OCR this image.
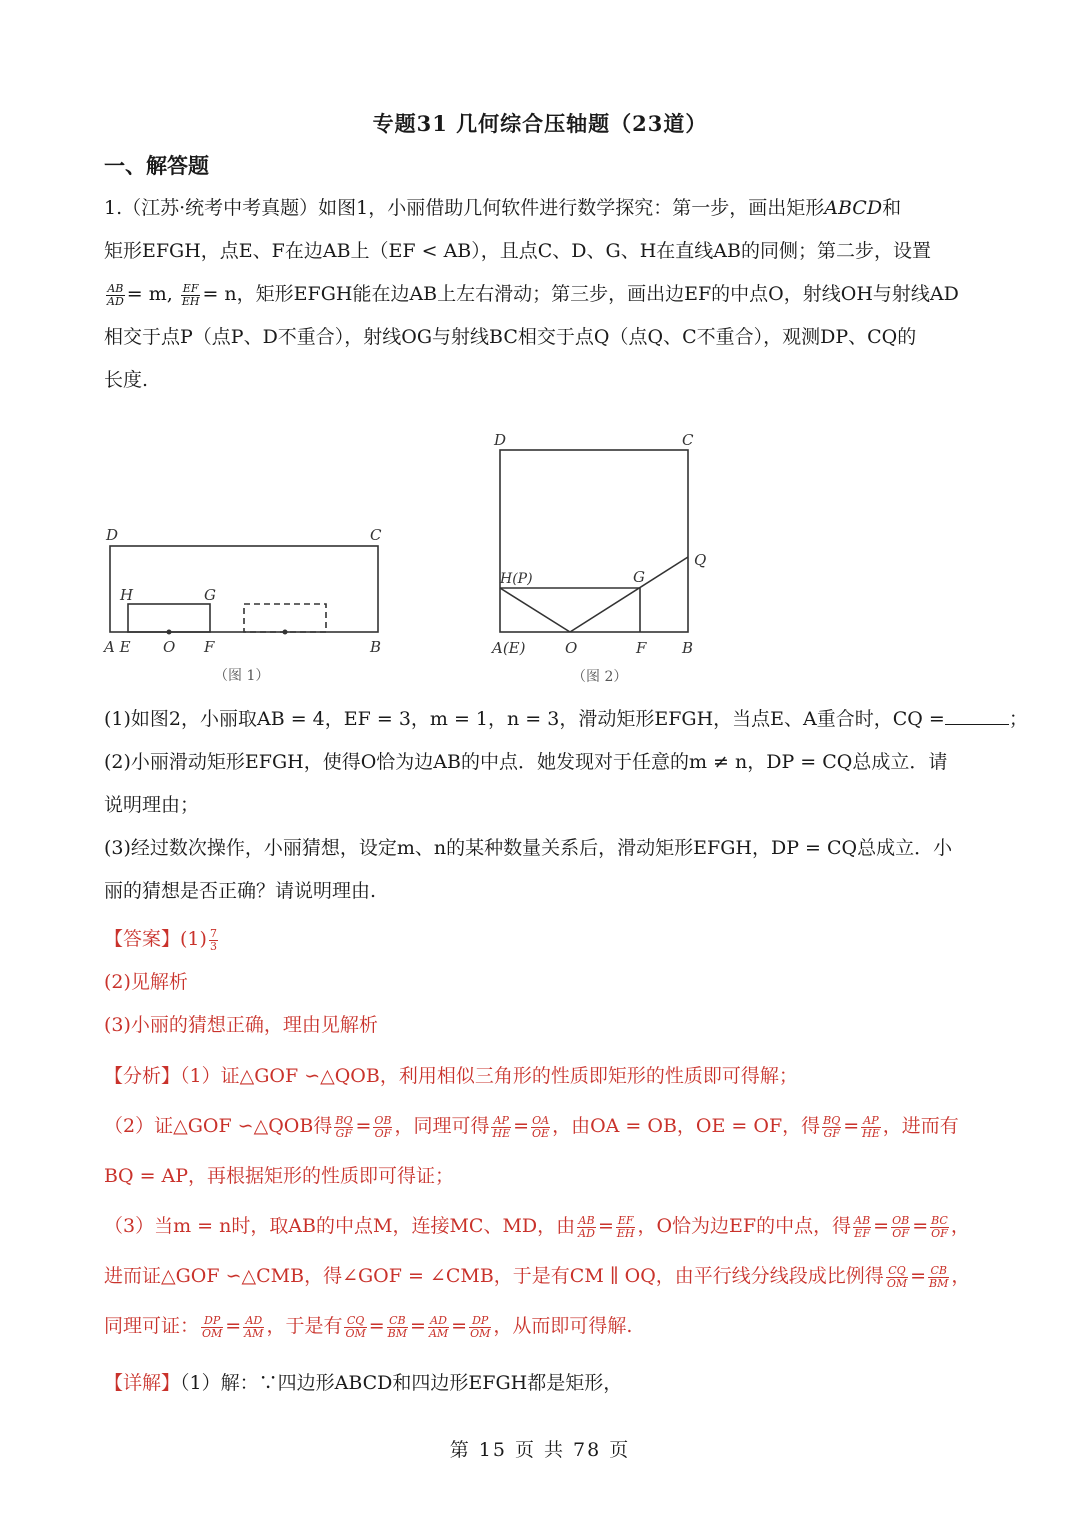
专题31 几何综合压轴题（23道）
一、解答题
1.（江苏·统考中考真题）如图1，小丽借助几何软件进行数学探究：第一步，画出矩形ABCD和
矩形EFGH，点E、F在边AB上（EF < AB），且点C、D、G、H在直线AB的同侧；第二步，设置
$\frac{AB}{AD} = m$, $\frac{EF}{EH} = n$，矩形EFGH能在边AB上左右滑动；第三步，画出边EF的中点O，射线OH与射线AD
相交于点P（点P、D不重合），射线OG与射线BC相交于点Q（点Q、C不重合），观测DP、CQ的
长度.
D	C
H	G
A E O F	B
（图 1）
D	C
H(P)	G
Q
A(E)	O	F B
（图 2）
(1)如图2，小丽取AB = 4，EF = 3，m = 1，n = 3，滑动矩形EFGH，当点E、A重合时，CQ =	；
(2)小丽滑动矩形EFGH，使得O恰为边AB的中点．她发现对于任意的m ≠ n，DP = CQ总成立．请
说明理由；
(3)经过数次操作，小丽猜想，设定m、n的某种数量关系后，滑动矩形EFGH，DP = CQ总成立．小
丽的猜想是否正确？请说明理由.
【答案】$(1) \frac{7}{3}$
(2)见解析
(3)小丽的猜想正确，理由见解析
【分析】（1）证△GOF ∽△QOB，利用相似三角形的性质即矩形的性质即可得解；
（2）证△GOF ∽△QOB得 $\frac{BQ}{GF} = \frac{OB}{OF}$ ，同理可得 $\frac{AP}{HE} = \frac{OA}{OE}$ ，由OA = OB，OE = OF，得 $\frac{BQ}{GF} = \frac{AP}{HE}$ ，进而有
BQ = AP，再根据矩形的性质即可得证；
（3）当m = n时，取AB的中点M，连接MC、MD，由 $\frac{AB}{AD} = \frac{EF}{EH}$ ，O恰为边EF的中点，得 $\frac{AB}{EF} = \frac{OB}{OF} = \frac{BC}{OF}$ ，
进而证△GOF ∽△CMB，得∠GOF = ∠CMB，于是有CM ∥ OQ，由平行线分线段成比例得 $\frac{CQ}{OM} = \frac{CB}{BM}$ ，
同理可证： $\frac{DP}{OM} = \frac{AD}{AM}$ ，于是有 $\frac{CQ}{OM} = \frac{CB}{BM} = \frac{AD}{AM} = \frac{DP}{OM}$ ，从而即可得解.
【详解】（1）解：∵四边形ABCD和四边形EFGH都是矩形，
第 15 页 共 78 页
